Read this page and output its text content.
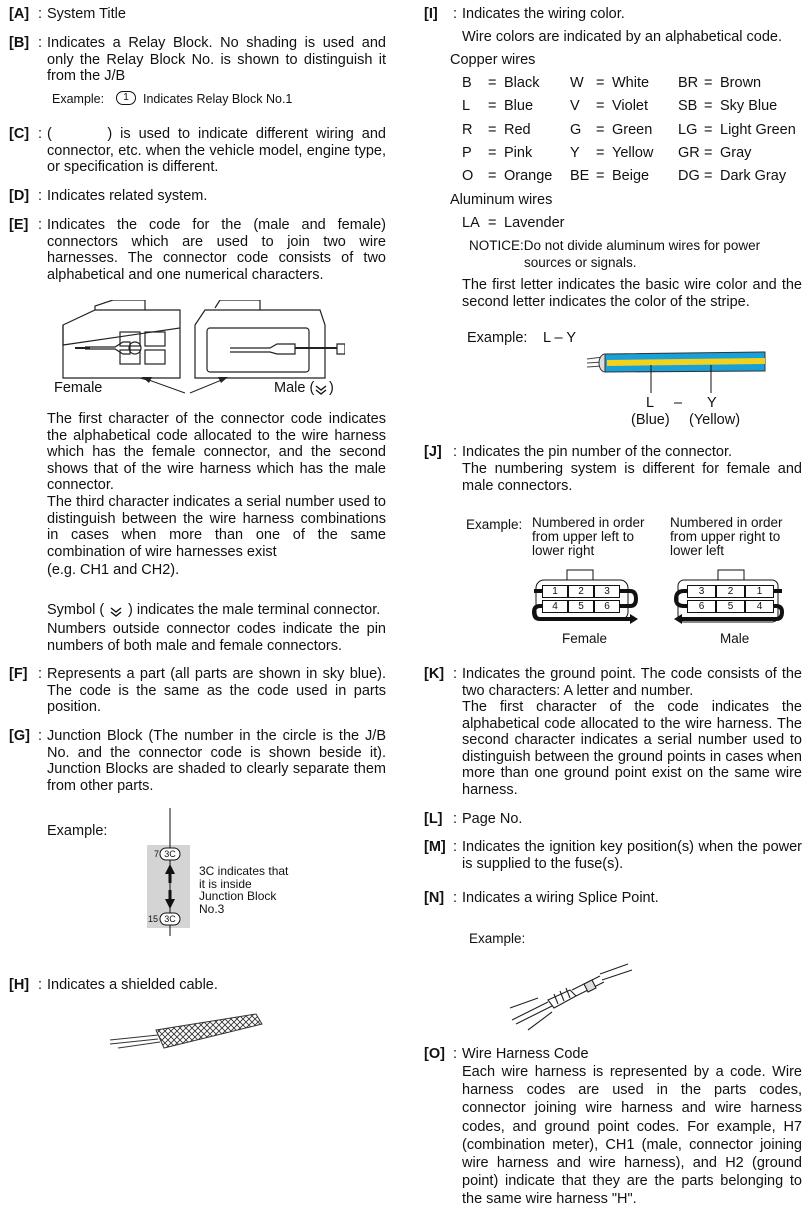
[A] : System Title
[B] : Indicates a Relay Block. No shading is used and only the Relay Block No. is shown to distinguish it from the J/B
Example:	1	Indicates Relay Block No.1
[C] : (       ) is used to indicate different wiring and connector, etc. when the vehicle model, engine type, or specification is different.
[D] : Indicates related system.
[E] : Indicates the code for the (male and female) connectors which are used to join two wire harnesses. The connector code consists of two alphabetical and one numerical characters.
Female	Male ( )
The first character of the connector code indicates the alphabetical code allocated to the wire harness which has the female connector, and the second shows that of the wire harness which has the male connector.
The third character indicates a serial number used to distinguish between the wire harness combinations in cases when more than one of the same combination of wire harnesses exist
(e.g. CH1 and CH2).
Symbol ( ) indicates the male terminal connector.
Numbers outside connector codes indicate the pin numbers of both male and female connectors.
[F] : Represents a part (all parts are shown in sky blue). The code is the same as the code used in parts position.
[G] : Junction Block (The number in the circle is the J/B No. and the connector code is shown beside it). Junction Blocks are shaded to clearly separate them from other parts.
Example:
7 3C
15 3C
3C indicates that
it is inside
Junction Block
No.3
[H] : Indicates a shielded cable.
[I] : Indicates the wiring color.
Wire colors are indicated by an alphabetical code.
Copper wires
B = Black W = White BR = Brown
L = Blue	V = Violet SB = Sky Blue
R = Red	G = Green LG = Light Green
P = Pink	Y = Yellow GR = Gray
O = Orange BE = Beige DG = Dark Gray
Aluminum wires
LA = Lavender
NOTICE:Do not divide aluminum wires for power
sources or signals.
The first letter indicates the basic wire color and the second letter indicates the color of the stripe.
Example: L – Y
L – Y
(Blue) (Yellow)
[J] : Indicates the pin number of the connector.
The numbering system is different for female and male connectors.
Example: Numbered in order
from upper left to
lower right
Numbered in order
from upper right to
lower left
1	2	3
4	5	6
Female
3	2	1
6	5	4
Male
[K] : Indicates the ground point. The code consists of the two characters: A letter and number.
The first character of the code indicates the alphabetical code allocated to the wire harness. The second character indicates a serial number used to distinguish between the ground points in cases when more than one ground point exist on the same wire harness.
[L] : Page No.
[M] : Indicates the ignition key position(s) when the power is supplied to the fuse(s).
[N] : Indicates a wiring Splice Point.
Example:
[O] : Wire Harness Code
Each wire harness is represented by a code. Wire harness codes are used in the parts codes, connector joining wire harness and wire harness codes, and ground point codes. For example, H7 (combination meter), CH1 (male, connector joining wire harness and wire harness), and H2 (ground point) indicate that they are the parts belonging to the same wire harness "H".
